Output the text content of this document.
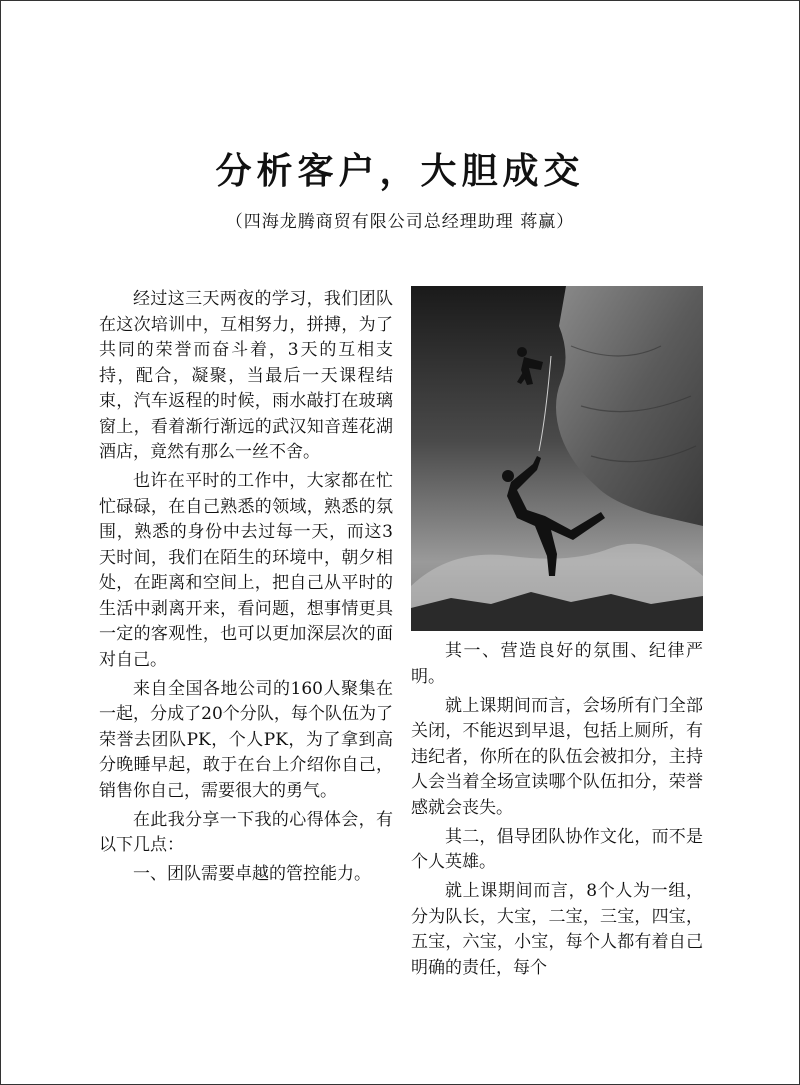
分析客户，大胆成交
（四海龙腾商贸有限公司总经理助理 蒋赢）

经过这三天两夜的学习，我们团队在这次培训中，互相努力，拼搏，为了共同的荣誉而奋斗着，3天的互相支持，配合，凝聚，当最后一天课程结束，汽车返程的时候，雨水敲打在玻璃窗上，看着渐行渐远的武汉知音莲花湖酒店，竟然有那么一丝不舍。

也许在平时的工作中，大家都在忙忙碌碌，在自己熟悉的领域，熟悉的氛围，熟悉的身份中去过每一天，而这3天时间，我们在陌生的环境中，朝夕相处，在距离和空间上，把自己从平时的生活中剥离开来，看问题，想事情更具一定的客观性，也可以更加深层次的面对自己。

来自全国各地公司的160人聚集在一起，分成了20个分队，每个队伍为了荣誉去团队PK，个人PK，为了拿到高分晚睡早起，敢于在台上介绍你自己，销售你自己，需要很大的勇气。

在此我分享一下我的心得体会，有以下几点：

一、团队需要卓越的管控能力。

其一、营造良好的氛围、纪律严明。

就上课期间而言，会场所有门全部关闭，不能迟到早退，包括上厕所，有违纪者，你所在的队伍会被扣分，主持人会当着全场宣读哪个队伍扣分，荣誉感就会丧失。

其二，倡导团队协作文化，而不是个人英雄。

就上课期间而言，8个人为一组，分为队长，大宝，二宝，三宝，四宝，五宝，六宝，小宝，每个人都有着自己明确的责任，每个
